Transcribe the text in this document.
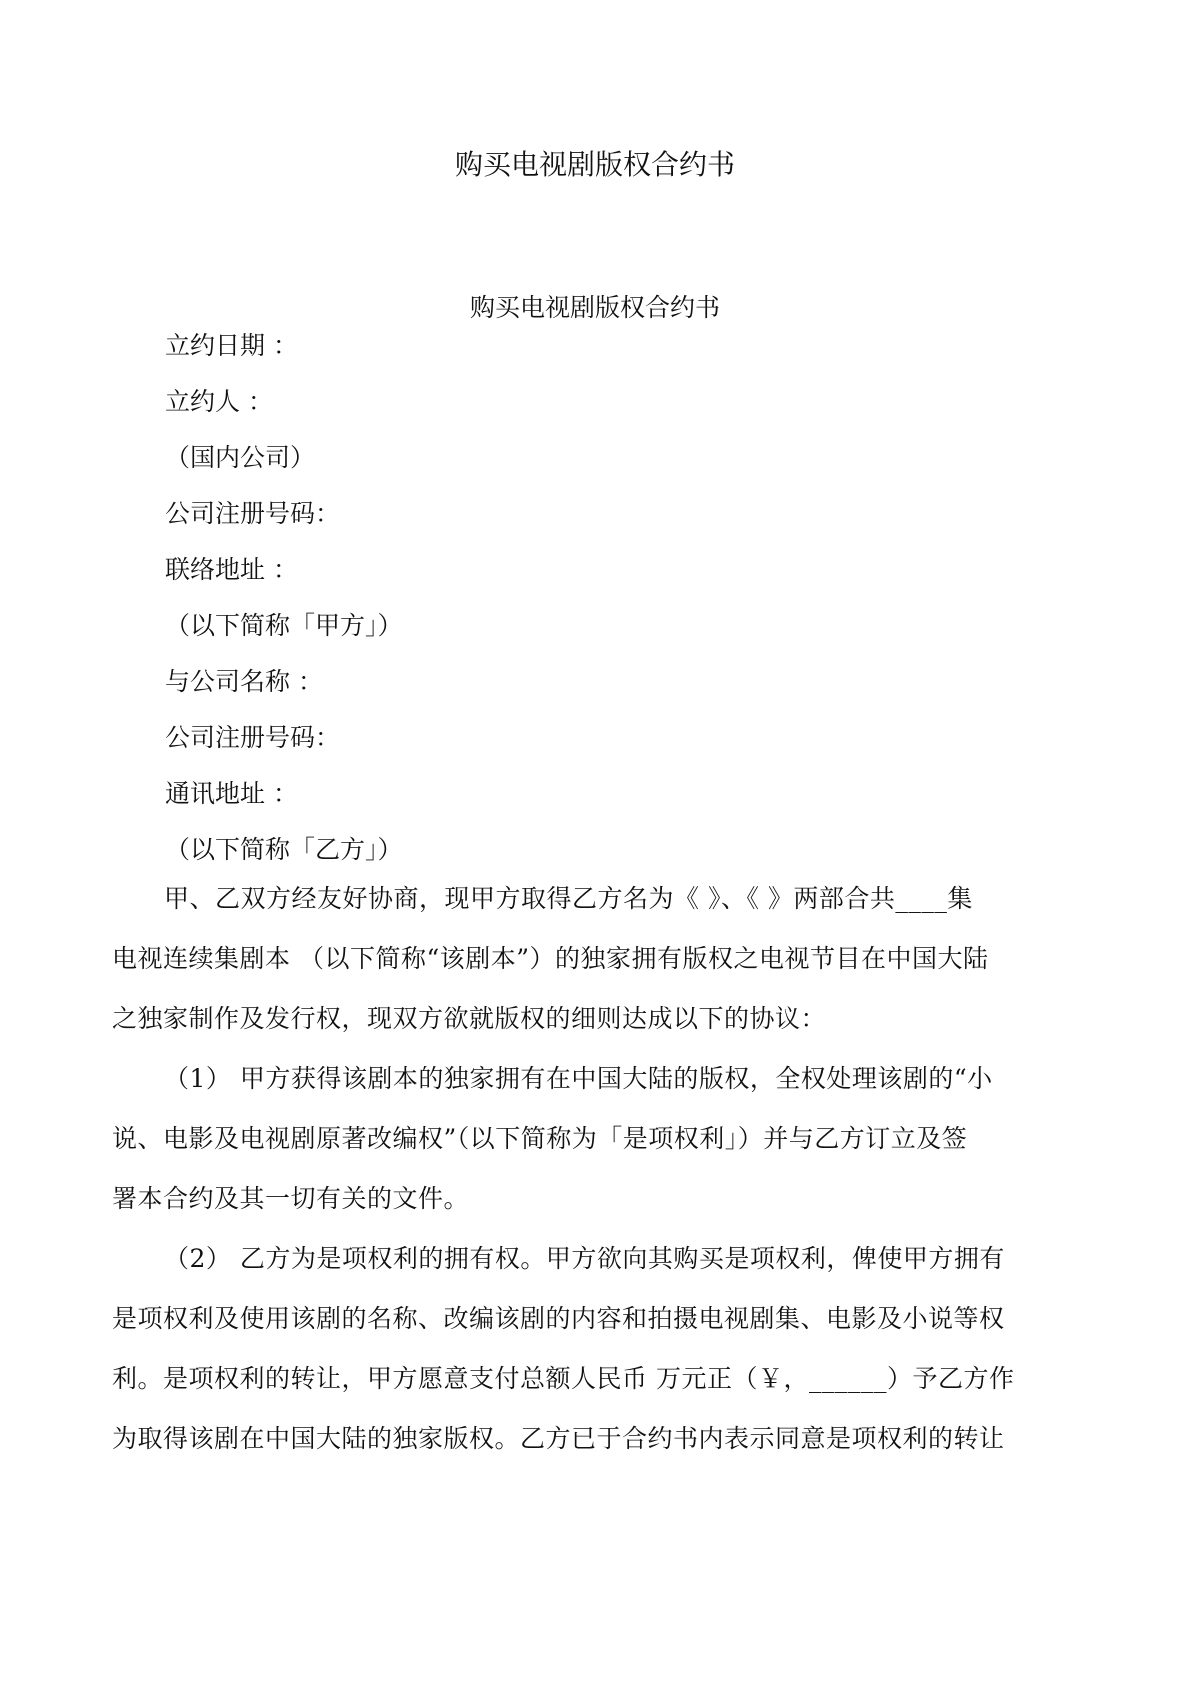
购买电视剧版权合约书
购买电视剧版权合约书
立约日期 ：
立约人 ：
（国内公司）
公司注册号码：
联络地址 ：
（以下简称「甲方」）
与公司名称 ：
公司注册号码：
通讯地址 ：
（以下简称「乙方」）
甲、乙双方经友好协商，现甲方取得乙方名为《 》、《 》两部合共____集
电视连续集剧本 （以下简称“该剧本”）的独家拥有版权之电视节目在中国大陆
之独家制作及发行权，现双方欲就版权的细则达成以下的协议：
（1） 甲方获得该剧本的独家拥有在中国大陆的版权，全权处理该剧的“小
说、电影及电视剧原著改编权”（以下简称为「是项权利」）并与乙方订立及签
署本合约及其一切有关的文件。
（2） 乙方为是项权利的拥有权。甲方欲向其购买是项权利，俾使甲方拥有
是项权利及使用该剧的名称、改编该剧的内容和拍摄电视剧集、电影及小说等权
利。是项权利的转让，甲方愿意支付总额人民币 万元正（￥，______）予乙方作
为取得该剧在中国大陆的独家版权。乙方已于合约书内表示同意是项权利的转让
